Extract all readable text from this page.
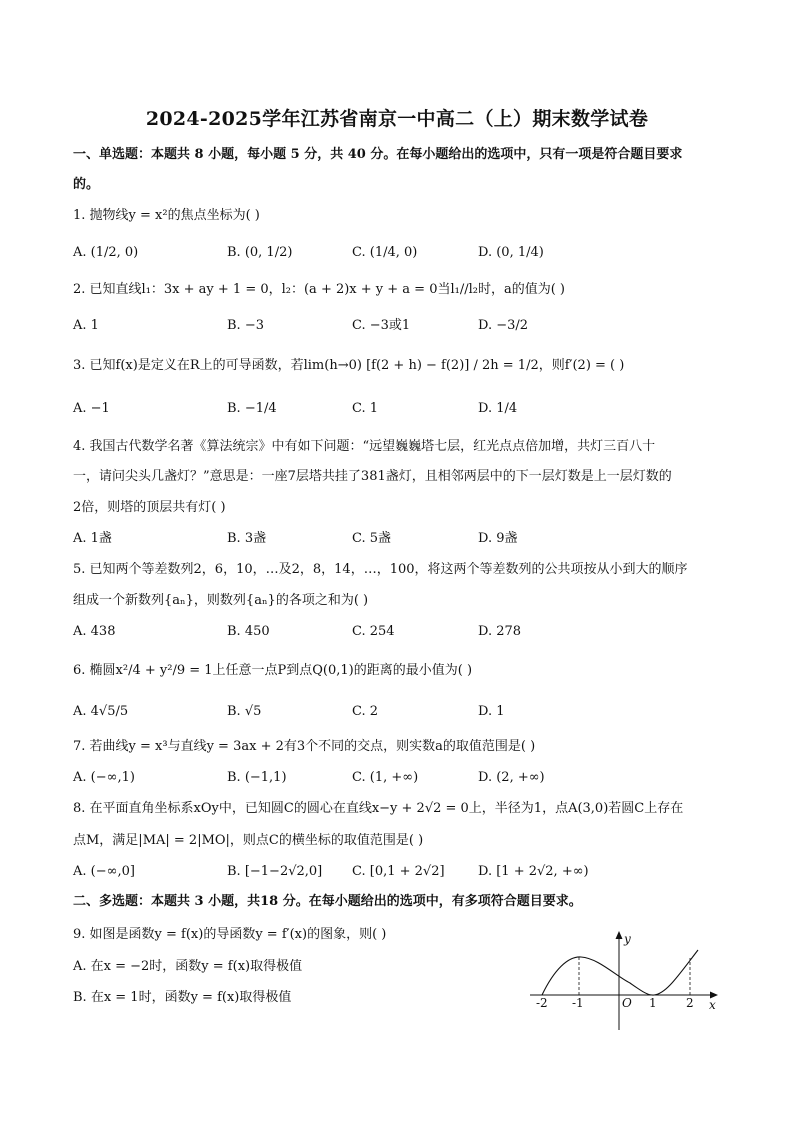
2024-2025学年江苏省南京一中高二（上）期末数学试卷
一、单选题：本题共 8 小题，每小题 5 分，共 40 分。在每小题给出的选项中，只有一项是符合题目要求
的。
1. 抛物线y = x²的焦点坐标为( )
A. (1/2, 0)	B. (0, 1/2)	C. (1/4, 0)	D. (0, 1/4)
2. 已知直线l₁：3x + ay + 1 = 0，l₂：(a + 2)x + y + a = 0当l₁//l₂时，a的值为( )
A. 1	B. −3	C. −3或1	D. −3/2
3. 已知f(x)是定义在R上的可导函数，若lim(h→0) [f(2 + h) − f(2)] / 2h = 1/2，则f′(2) = ( )
A. −1	B. −1/4	C. 1	D. 1/4
4. 我国古代数学名著《算法统宗》中有如下问题：“远望巍巍塔七层，红光点点倍加增，共灯三百八十
一，请问尖头几盏灯？”意思是：一座7层塔共挂了381盏灯，且相邻两层中的下一层灯数是上一层灯数的
2倍，则塔的顶层共有灯( )
A. 1盏	B. 3盏	C. 5盏	D. 9盏
5. 已知两个等差数列2，6，10，…及2，8，14，…，100，将这两个等差数列的公共项按从小到大的顺序
组成一个新数列{aₙ}，则数列{aₙ}的各项之和为( )
A. 438	B. 450	C. 254	D. 278
6. 椭圆x²/4 + y²/9 = 1上任意一点P到点Q(0,1)的距离的最小值为( )
A. 4√5/5	B. √5	C. 2	D. 1
7. 若曲线y = x³与直线y = 3ax + 2有3个不同的交点，则实数a的取值范围是( )
A. (−∞,1)	B. (−1,1)	C. (1, +∞)	D. (2, +∞)
8. 在平面直角坐标系xOy中，已知圆C的圆心在直线x−y + 2√2 = 0上，半径为1，点A(3,0)若圆C上存在
点M，满足|MA| = 2|MO|，则点C的横坐标的取值范围是( )
A. (−∞,0]	B. [−1−2√2,0] C. [0,1 + 2√2]	D. [1 + 2√2, +∞)
二、多选题：本题共 3 小题，共18 分。在每小题给出的选项中，有多项符合题目要求。
9. 如图是函数y = f(x)的导函数y = f′(x)的图象，则( )
A. 在x = −2时，函数y = f(x)取得极值
B. 在x = 1时，函数y = f(x)取得极值
y
x
O
-2 -1	1 2
